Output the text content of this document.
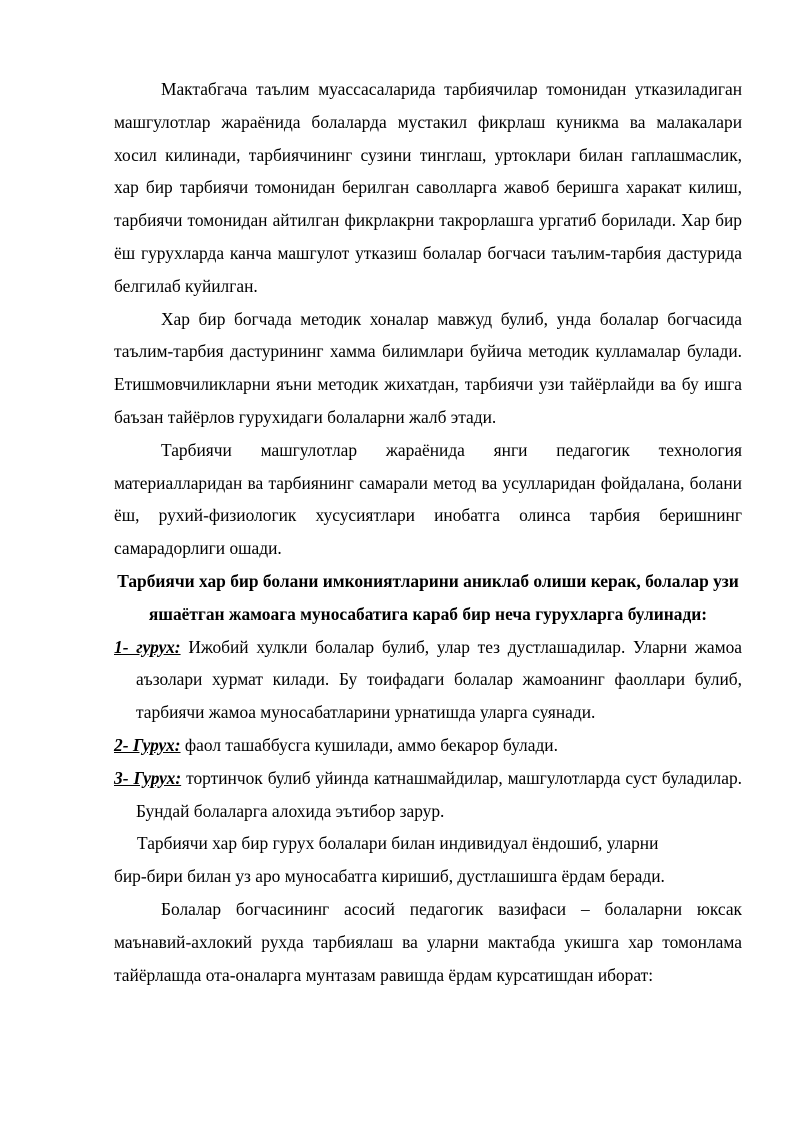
Мактабгача таълим муассасаларида тарбиячилар томонидан утказиладиган машгулотлар жараёнида болаларда мустакил фикрлаш куникма ва малакалари хосил килинади, тарбиячининг сузини тинглаш, уртоклари билан гаплашмаслик, хар бир тарбиячи томонидан берилган саволларга жавоб беришга харакат килиш, тарбиячи томонидан айтилган фикрлакрни такрорлашга ургатиб борилади. Хар бир ёш гурухларда канча машгулот утказиш болалар богчаси таълим-тарбия дастурида белгилаб куйилган.

Хар бир богчада методик хоналар мавжуд булиб, унда болалар богчасида таълим-тарбия дастурининг хамма билимлари буйича методик кулламалар булади. Етишмовчиликларни яъни методик жихатдан, тарбиячи узи тайёрлайди ва бу ишга баъзан тайёрлов гурухидаги болаларни жалб этади.

Тарбиячи машгулотлар жараёнида янги педагогик технология материалларидан ва тарбиянинг самарали метод ва усулларидан фойдалана, болани ёш, рухий-физиологик хусусиятлари инобатга олинса тарбия беришнинг самарадорлиги ошади.

Тарбиячи хар бир болани имкониятларини аниклаб олиши керак, болалар узи яшаётган жамоага муносабатига караб бир неча гурухларга булинади:

1- гурух: Ижобий хулкли болалар булиб, улар тез дустлашадилар. Уларни жамоа аъзолари хурмат килади. Бу тоифадаги болалар жамоанинг фаоллари булиб, тарбиячи жамоа муносабатларини урнатишда уларга суянади.

2- Гурух: фаол ташаббусга кушилади, аммо бекарор булади.

3- Гурух: тортинчок булиб уйинда катнашмайдилар, машгулотларда суст буладилар. Бундай болаларга алохида эътибор зарур.

Тарбиячи хар бир гурух болалари билан индивидуал ёндошиб, уларни

бир-бири билан уз аро муносабатга киришиб, дустлашишга ёрдам беради.

Болалар богчасининг асосий педагогик вазифаси – болаларни юксак маънавий-ахлокий рухда тарбиялаш ва уларни мактабда укишга хар томонлама тайёрлашда ота-оналарга мунтазам равишда ёрдам курсатишдан иборат:
